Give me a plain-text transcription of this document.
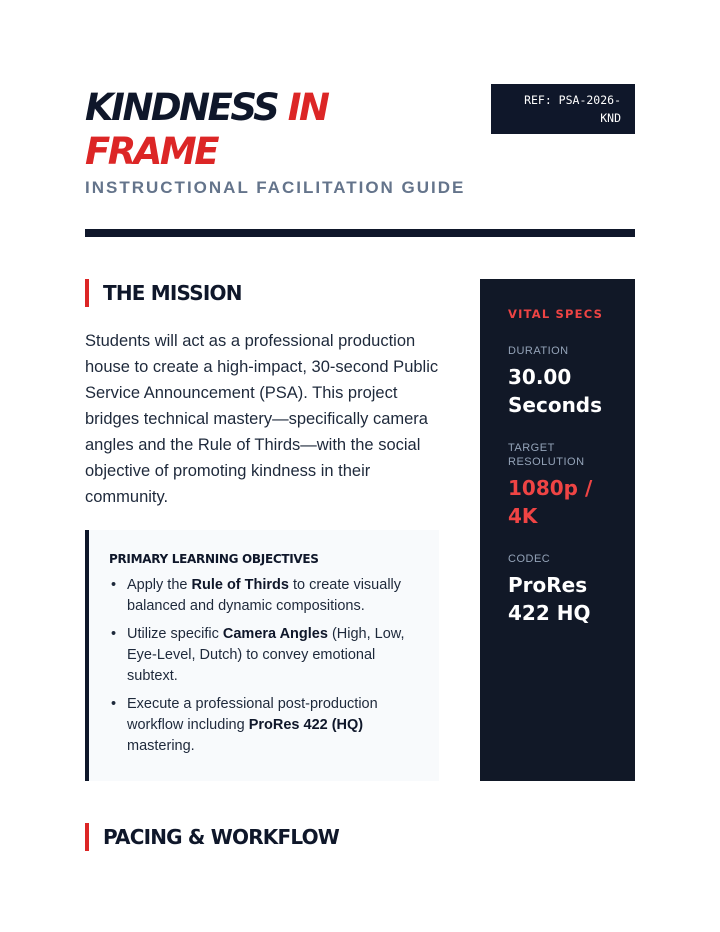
KINDNESS IN FRAME
INSTRUCTIONAL FACILITATION GUIDE
REF: PSA-2026-KND
THE MISSION

Students will act as a professional production house to create a high-impact, 30-second Public Service Announcement (PSA). This project bridges technical mastery—specifically camera angles and the Rule of Thirds—with the social objective of promoting kindness in their community.

PRIMARY LEARNING OBJECTIVES
• Apply the Rule of Thirds to create visually balanced and dynamic compositions.
• Utilize specific Camera Angles (High, Low, Eye-Level, Dutch) to convey emotional subtext.
• Execute a professional post-production workflow including ProRes 422 (HQ) mastering.
VITAL SPECS
DURATION
30.00 Seconds
TARGET RESOLUTION
1080p / 4K
CODEC
ProRes 422 HQ
PACING & WORKFLOW
